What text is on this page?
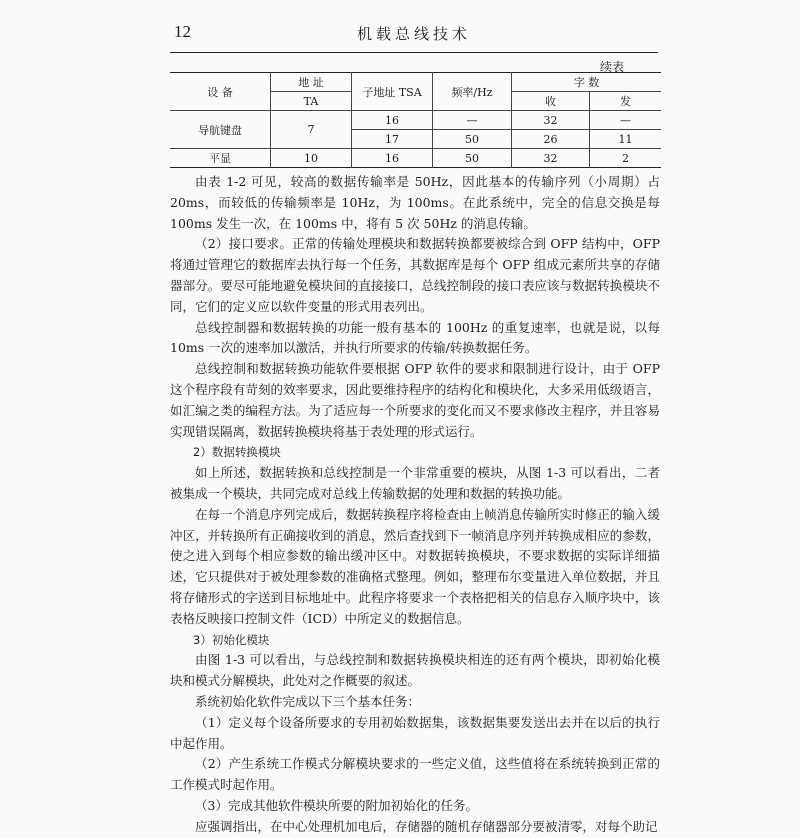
12	机载总线技术
续表
设 备	地 址	子地址 TSA	频率/Hz	字 数	
	TA			收	发
导航键盘	7	16	—	32	—
		17	50	26	11
平显	10	16	50	32	2

由表 1-2 可见，较高的数据传输率是 50Hz，因此基本的传输序列（小周期）占 20ms，而较低的传输频率是 10Hz，为 100ms。在此系统中，完全的信息交换是每 100ms 发生一次，在 100ms 中，将有 5 次 50Hz 的消息传输。

（2）接口要求。正常的传输处理模块和数据转换都要被综合到 OFP 结构中，OFP 将通过管理它的数据库去执行每一个任务，其数据库是每个 OFP 组成元素所共享的存储器部分。要尽可能地避免模块间的直接接口，总线控制段的接口表应该与数据转换模块不同，它们的定义应以软件变量的形式用表列出。

总线控制器和数据转换的功能一般有基本的 100Hz 的重复速率，也就是说，以每 10ms 一次的速率加以激活，并执行所要求的传输/转换数据任务。

总线控制和数据转换功能软件要根据 OFP 软件的要求和限制进行设计，由于 OFP 这个程序段有苛刻的效率要求，因此要维持程序的结构化和模块化，大多采用低级语言，如汇编之类的编程方法。为了适应每一个所要求的变化而又不要求修改主程序，并且容易实现错误隔离，数据转换模块将基于表处理的形式运行。

2）数据转换模块

如上所述，数据转换和总线控制是一个非常重要的模块，从图 1-3 可以看出，二者被集成一个模块，共同完成对总线上传输数据的处理和数据的转换功能。

在每一个消息序列完成后，数据转换程序将检查由上帧消息传输所实时修正的输入缓冲区，并转换所有正确接收到的消息，然后查找到下一帧消息序列并转换成相应的参数，使之进入到每个相应参数的输出缓冲区中。对数据转换模块，不要求数据的实际详细描述，它只提供对于被处理参数的准确格式整理。例如，整理布尔变量进入单位数据，并且将存储形式的字送到目标地址中。此程序将要求一个表格把相关的信息存入顺序块中，该表格反映接口控制文件（ICD）中所定义的数据信息。

3）初始化模块

由图 1-3 可以看出，与总线控制和数据转换模块相连的还有两个模块，即初始化模块和模式分解模块，此处对之作概要的叙述。

系统初始化软件完成以下三个基本任务：

（1）定义每个设备所要求的专用初始数据集，该数据集要发送出去并在以后的执行中起作用。

（2）产生系统工作模式分解模块要求的一些定义值，这些值将在系统转换到正常的工作模式时起作用。

（3）完成其他软件模块所要的附加初始化的任务。

应强调指出，在中心处理机加电后，存储器的随机存储器部分要被清零，对每个助记
